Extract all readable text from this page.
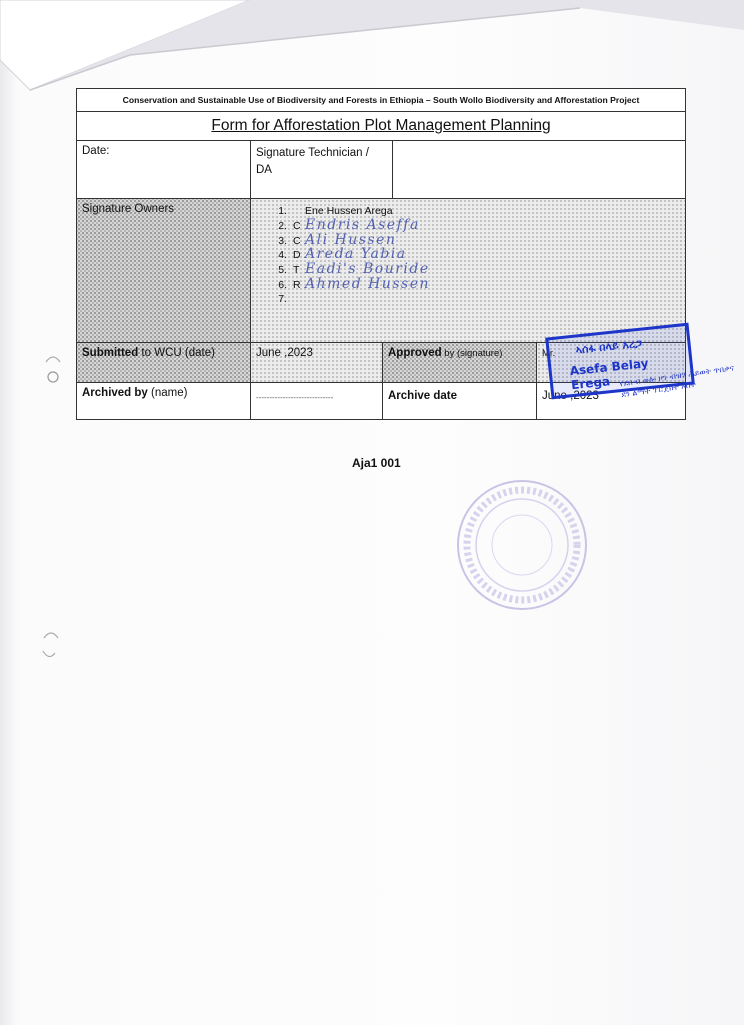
Conservation and Sustainable Use of Biodiversity and Forests in Ethiopia – South Wollo Biodiversity and Afforestation Project
Form for Afforestation Plot Management Planning
Date:	Signature Technician / DA
Signature Owners	1. Ene Hussen Arega
2. C Endris Aseffa
3. C Ali Hussen
4. D Areda Yabia
5. T Eadi's Bouride
6. R Ahmed Hussen
7.
Submitted to WCU (date)	June ,2023	Approved by (signature)	Mr.
Archived by (name)	-----------------------------	Archive date	June ,2023
ኣሰፋ በላይ እረጋ
Asefa Belay Erega	የደቡብ ወሎ ዞን ብዝሃ ሕይወት ጥበቃና ደን ልማት ፕሮጀክት አስተ
Aja1 001
